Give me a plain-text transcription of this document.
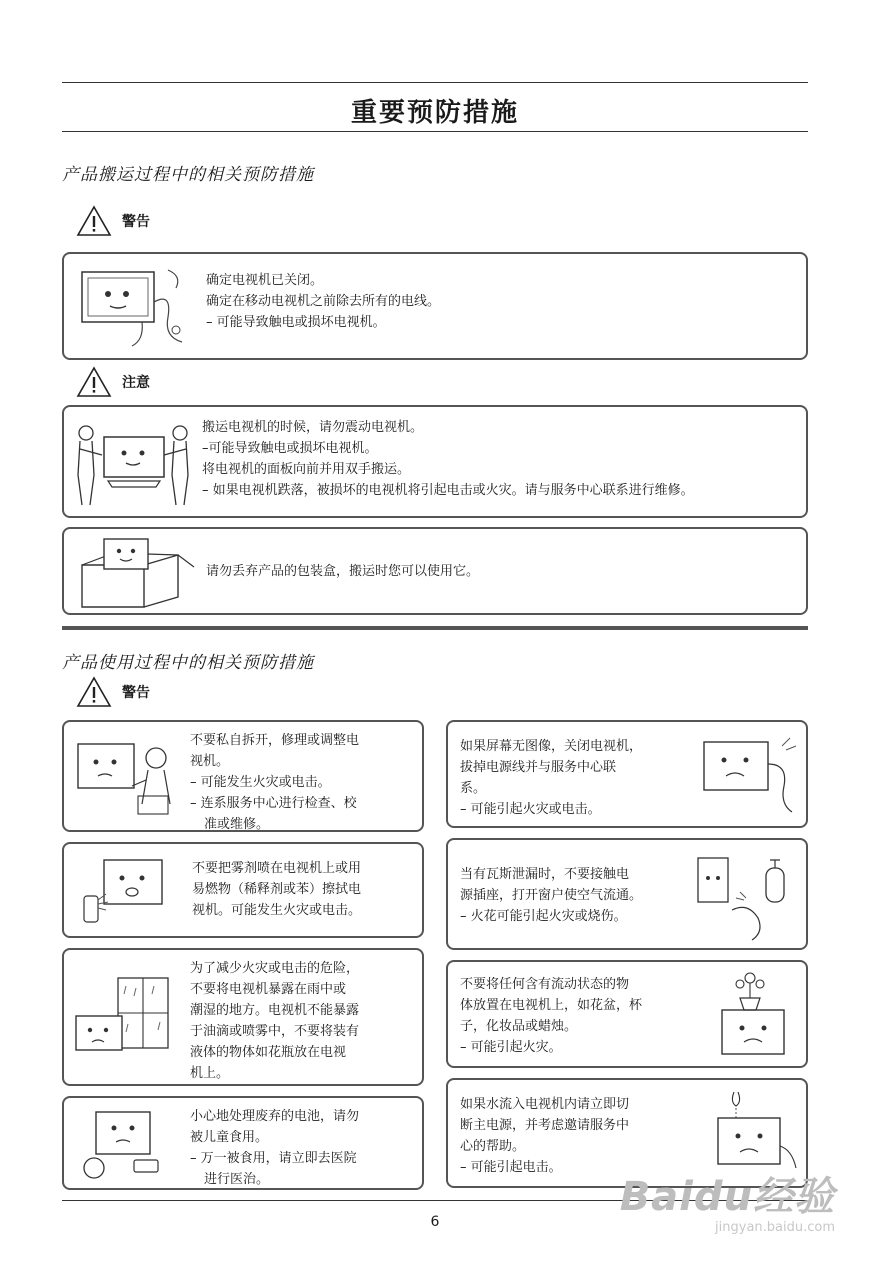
重要预防措施
产品搬运过程中的相关预防措施
警告
确定电视机已关闭。
确定在移动电视机之前除去所有的电线。
– 可能导致触电或损坏电视机。
注意
搬运电视机的时候，请勿震动电视机。
–可能导致触电或损坏电视机。
将电视机的面板向前并用双手搬运。
– 如果电视机跌落，被损坏的电视机将引起电击或火灾。请与服务中心联系进行维修。
请勿丢弃产品的包装盒，搬运时您可以使用它。
产品使用过程中的相关预防措施
警告
不要私自拆开，修理或调整电
视机。
– 可能发生火灾或电击。
– 连系服务中心进行检查、校
准或维修。
不要把雾剂喷在电视机上或用
易燃物（稀释剂或苯）擦拭电
视机。可能发生火灾或电击。
为了减少火灾或电击的危险，
不要将电视机暴露在雨中或
潮湿的地方。电视机不能暴露
于油滴或喷雾中，不要将装有
液体的物体如花瓶放在电视
机上。
小心地处理废弃的电池，请勿
被儿童食用。
– 万一被食用，请立即去医院
进行医治。
如果屏幕无图像，关闭电视机，
拔掉电源线并与服务中心联
系。
– 可能引起火灾或电击。
当有瓦斯泄漏时，不要接触电
源插座，打开窗户使空气流通。
– 火花可能引起火灾或烧伤。
不要将任何含有流动状态的物
体放置在电视机上，如花盆，杯
子，化妆品或蜡烛。
– 可能引起火灾。
如果水流入电视机内请立即切
断主电源，并考虑邀请服务中
心的帮助。
– 可能引起电击。
6
Baidu经验
jingyan.baidu.com
